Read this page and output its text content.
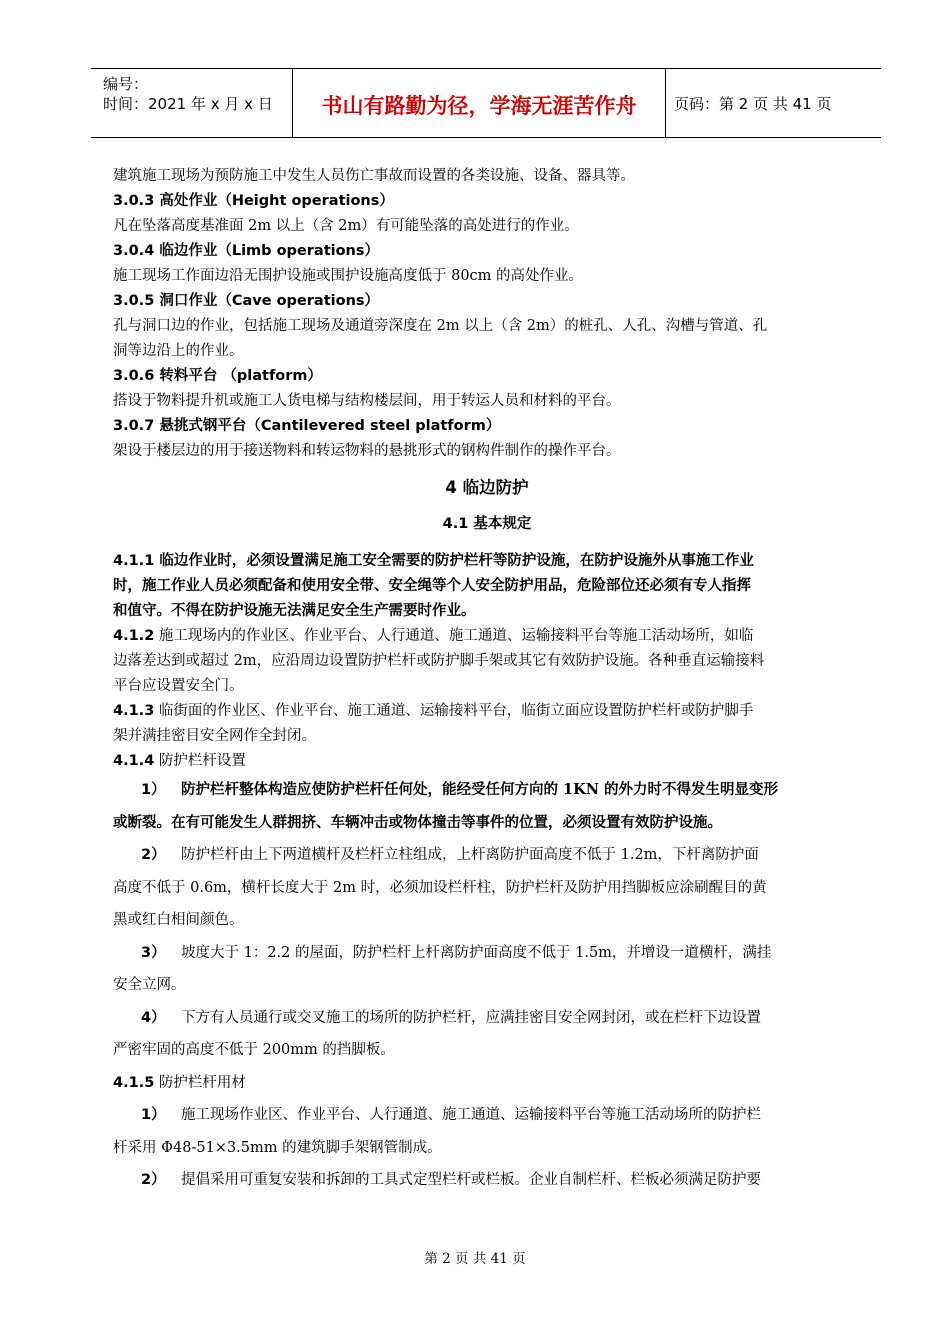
编号：
时间：2021 年 x 月 x 日	书山有路勤为径，学海无涯苦作舟	页码：第 2 页 共 41 页
建筑施工现场为预防施工中发生人员伤亡事故而设置的各类设施、设备、器具等。
3.0.3 高处作业（Height operations）
凡在坠落高度基准面 2m 以上（含 2m）有可能坠落的高处进行的作业。
3.0.4 临边作业（Limb operations）
施工现场工作面边沿无围护设施或围护设施高度低于 80cm 的高处作业。
3.0.5 洞口作业（Cave operations）
孔与洞口边的作业，包括施工现场及通道旁深度在 2m 以上（含 2m）的桩孔、人孔、沟槽与管道、孔
洞等边沿上的作业。
3.0.6 转料平台 （platform）
搭设于物料提升机或施工人货电梯与结构楼层间，用于转运人员和材料的平台。
3.0.7 悬挑式钢平台（Cantilevered steel platform）
架设于楼层边的用于接送物料和转运物料的悬挑形式的钢构件制作的操作平台。
4 临边防护
4.1 基本规定
4.1.1 临边作业时，必须设置满足施工安全需要的防护栏杆等防护设施，在防护设施外从事施工作业
时，施工作业人员必须配备和使用安全带、安全绳等个人安全防护用品，危险部位还必须有专人指挥
和值守。不得在防护设施无法满足安全生产需要时作业。
4.1.2 施工现场内的作业区、作业平台、人行通道、施工通道、运输接料平台等施工活动场所，如临
边落差达到或超过 2m，应沿周边设置防护栏杆或防护脚手架或其它有效防护设施。各种垂直运输接料
平台应设置安全门。
4.1.3 临街面的作业区、作业平台、施工通道、运输接料平台，临街立面应设置防护栏杆或防护脚手
架并满挂密目安全网作全封闭。
4.1.4 防护栏杆设置
1） 防护栏杆整体构造应使防护栏杆任何处，能经受任何方向的 1KN 的外力时不得发生明显变形
或断裂。在有可能发生人群拥挤、车辆冲击或物体撞击等事件的位置，必须设置有效防护设施。
2） 防护栏杆由上下两道横杆及栏杆立柱组成，上杆离防护面高度不低于 1.2m，下杆离防护面
高度不低于 0.6m，横杆长度大于 2m 时，必须加设栏杆柱，防护栏杆及防护用挡脚板应涂刷醒目的黄
黑或红白相间颜色。
3） 坡度大于 1：2.2 的屋面，防护栏杆上杆离防护面高度不低于 1.5m，并增设一道横杆，满挂
安全立网。
4） 下方有人员通行或交叉施工的场所的防护栏杆，应满挂密目安全网封闭，或在栏杆下边设置
严密牢固的高度不低于 200mm 的挡脚板。
4.1.5 防护栏杆用材
1） 施工现场作业区、作业平台、人行通道、施工通道、运输接料平台等施工活动场所的防护栏
杆采用 Φ48-51×3.5mm 的建筑脚手架钢管制成。
2） 提倡采用可重复安装和拆卸的工具式定型栏杆或栏板。企业自制栏杆、栏板必须满足防护要
第 2 页 共 41 页
